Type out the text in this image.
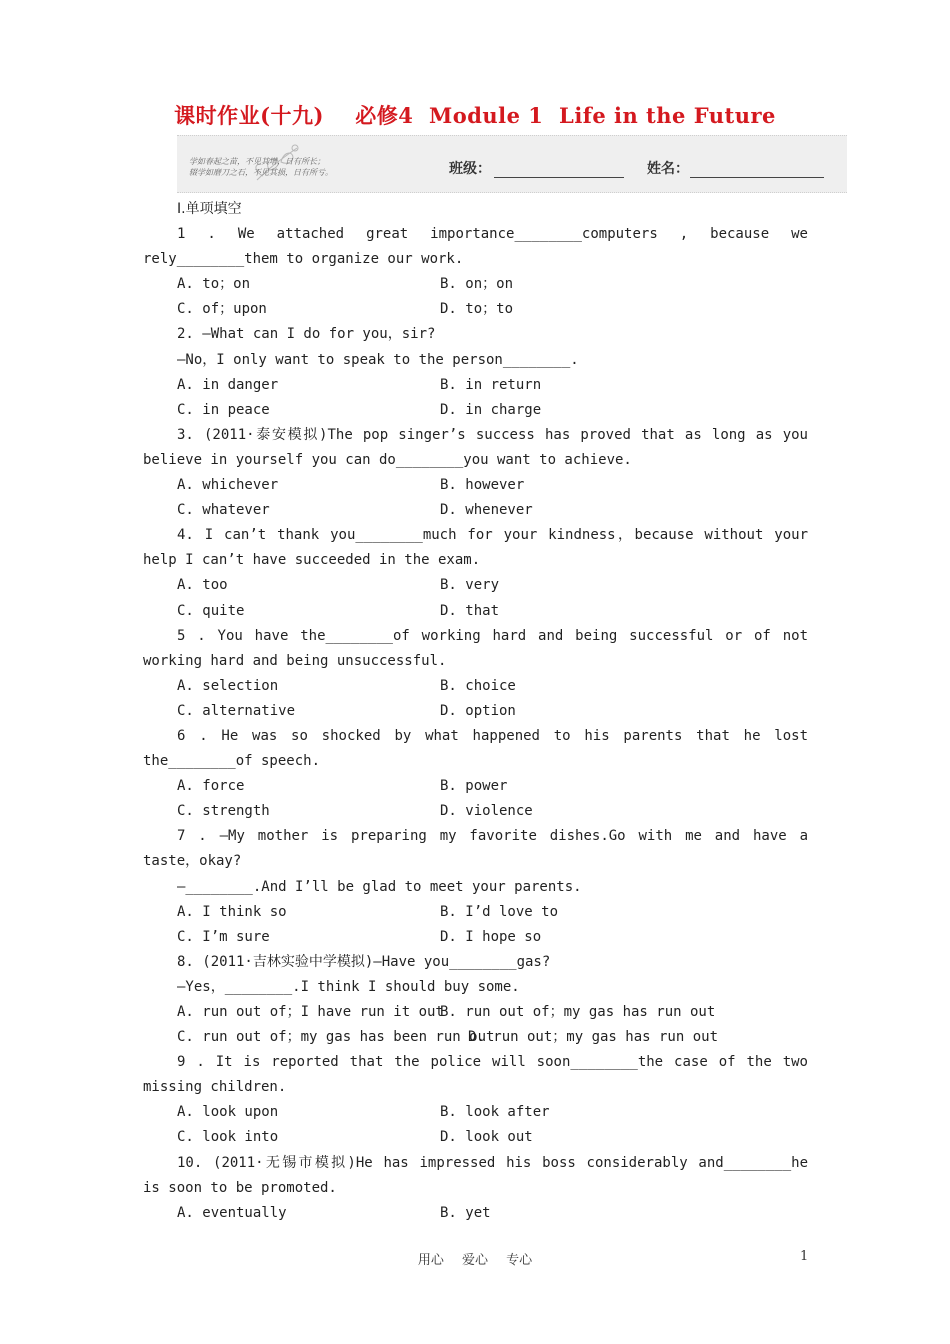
课时作业(十九) 必修4 Module 1 Life in the Future
学如春起之苗，不见其增，日有所长；
辍学如磨刀之石，不见其损，日有所亏。	班级：	姓名：
Ⅰ.单项填空
1 . We attached great importance________computers , because we
rely________them to organize our work.
A. to；on	B. on；on
C. of；upon	D. to；to
2. —What can I do for you，sir?
—No，I only want to speak to the person________.
A. in danger	B. in return
C. in peace	D. in charge
3. (2011·泰安模拟)The pop singer’s success has proved that as long as you
believe in yourself you can do________you want to achieve.
A. whichever	B. however
C. whatever	D. whenever
4. I can’t thank you________much for your kindness，because without your
help I can’t have succeeded in the exam.
A. too	B. very
C. quite	D. that
5 . You have the________of working hard and being successful or of not
working hard and being unsuccessful.
A. selection	B. choice
C. alternative	D. option
6 . He was so shocked by what happened to his parents that he lost
the________of speech.
A. force	B. power
C. strength	D. violence
7 . —My mother is preparing my favorite dishes.Go with me and have a
taste，okay?
—________.And I’ll be glad to meet your parents.
A. I think so	B. I’d love to
C. I’m sure	D. I hope so
8. (2011·吉林实验中学模拟)—Have you________gas?
—Yes，________.I think I should buy some.
A. run out of；I have run it out
B. run out of；my gas has run out
C. run out of；my gas has been run out
D. run out；my gas has run out
9 . It is reported that the police will soon________the case of the two
missing children.
A. look upon	B. look after
C. look into	D. look out
10. (2011·无锡市模拟)He has impressed his boss considerably and________he
is soon to be promoted.
A. eventually	B. yet
用心 爱心 专心	1
